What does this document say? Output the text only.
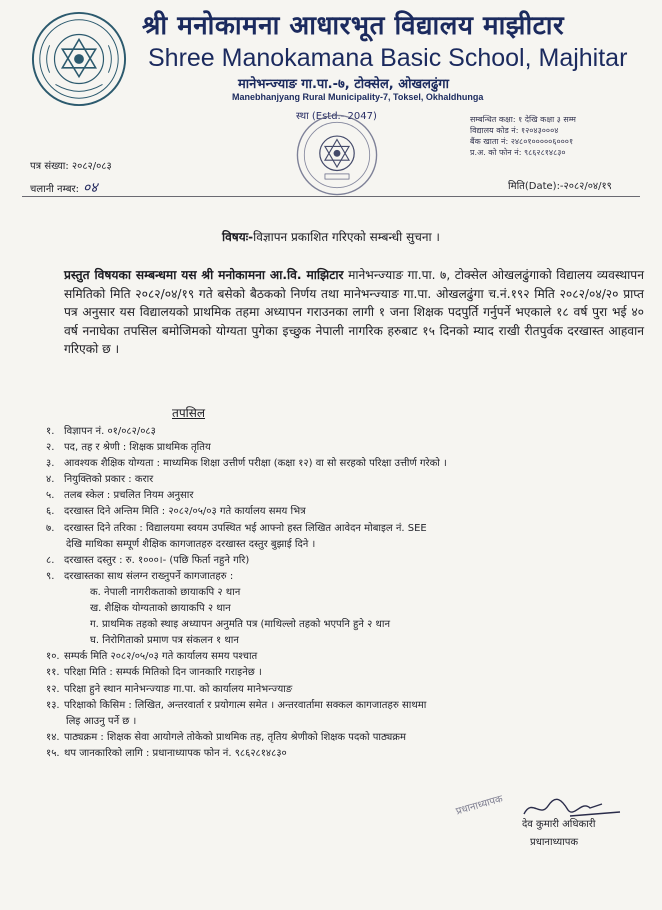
श्री मनोकामना आधारभूत विद्यालय माझीटार
Shree Manokamana Basic School, Majhitar
मानेभन्ज्याङ गा.पा.-७, टोक्सेल, ओखलढुंगा
Manebhanjyang Rural Municipality-7, Toksel, Okhaldhunga
स्था (Estd.- 2047)	सम्बन्धित कक्षा: १ देखि कक्षा ३ सम्म
विद्यालय कोड नं: १२०४३०००४
बैंक खाता नं: २४८०१०००००६०००१
प्र.अ. को फोन नं: ९८६२८१४८३०
पत्र संख्या: २०८२/०८३
चलानी नम्बर: ०४	मिति(Date):-२०८२/०४/१९
विषयः-विज्ञापन प्रकाशित गरिएको सम्बन्धी सुचना ।
प्रस्तुत विषयका सम्बन्धमा यस श्री मनोकामना आ.वि. माझिटार मानेभन्ज्याङ गा.पा. ७, टोक्सेल ओखलढुंगाको विद्यालय व्यवस्थापन समितिको मिति २०८२/०४/१९ गते बसेको बैठकको निर्णय तथा मानेभन्ज्याङ गा.पा. ओखलढुंगा च.नं.१९२ मिति २०८२/०४/२० प्राप्त पत्र अनुसार यस विद्यालयको प्राथमिक तहमा अध्यापन गराउनका लागी १ जना शिक्षक पदपुर्ति गर्नुपर्ने भएकाले १८ वर्ष पुरा भई ४० वर्ष ननाघेका तपसिल बमोजिमको योग्यता पुगेका इच्छुक नेपाली नागरिक हरुबाट १५ दिनको म्याद राखी रीतपुर्वक दरखास्त आहवान गरिएको छ ।
तपसिल
१. विज्ञापन नं. ०१/०८२/०८३
२. पद, तह र श्रेणी : शिक्षक प्राथमिक तृतिय
३. आवश्यक शैक्षिक योग्यता : माध्यमिक शिक्षा उत्तीर्ण परीक्षा (कक्षा १२) वा सो सरहको परिक्षा उत्तीर्ण गरेको ।
४. नियुक्तिको प्रकार : करार
५. तलब स्केल : प्रचलित नियम अनुसार
६. दरखास्त दिने अन्तिम मिति : २०८२/०५/०३ गते कार्यालय समय भित्र
७. दरखास्त दिने तरिका : विद्यालयमा स्वयम उपस्थित भई आफ्नो हस्त लिखित आवेदन मोबाइल नं. SEE
देखि माथिका सम्पूर्ण शैक्षिक कागजातहरु दरखास्त दस्तुर बुझाई दिने ।
८. दरखास्त दस्तुर : रु. १०००।- (पछि फिर्ता नहुने गरि)
९. दरखास्तका साथ संलग्न राख्नुपर्ने कागजातहरु :
क. नेपाली नागरीकताको छायाकपि २ थान
ख. शैक्षिक योग्यताको छायाकपि २ थान
ग. प्राथमिक तहको स्थाइ अध्यापन अनुमति पत्र (माथिल्लो तहको भएपनि हुने २ थान
घ. निरोगिताको प्रमाण पत्र संकलन १ थान
१०. सम्पर्क मिति २०८२/०५/०३ गते कार्यालय समय पश्चात
११. परिक्षा मिति : सम्पर्क मितिको दिन जानकारि गराइनेछ ।
१२. परिक्षा हुने स्थान मानेभन्ज्याङ गा.पा. को कार्यालय मानेभन्ज्याङ
१३. परिक्षाको किसिम : लिखित, अन्तरवार्ता र प्रयोगात्म समेत । अन्तरवार्तामा सक्कल कागजातहरु साथमा
लिइ आउनु पर्ने छ ।
१४. पाठ्यक्रम : शिक्षक सेवा आयोगले तोकेको प्राथमिक तह, तृतिय श्रेणीको शिक्षक पदको पाठ्यक्रम
१५. थप जानकारिको लागि : प्रधानाध्यापक फोन नं. ९८६२८१४८३०
प्रधानाध्यापक
देव कुमारी अधिकारी
प्रधानाध्यापक
